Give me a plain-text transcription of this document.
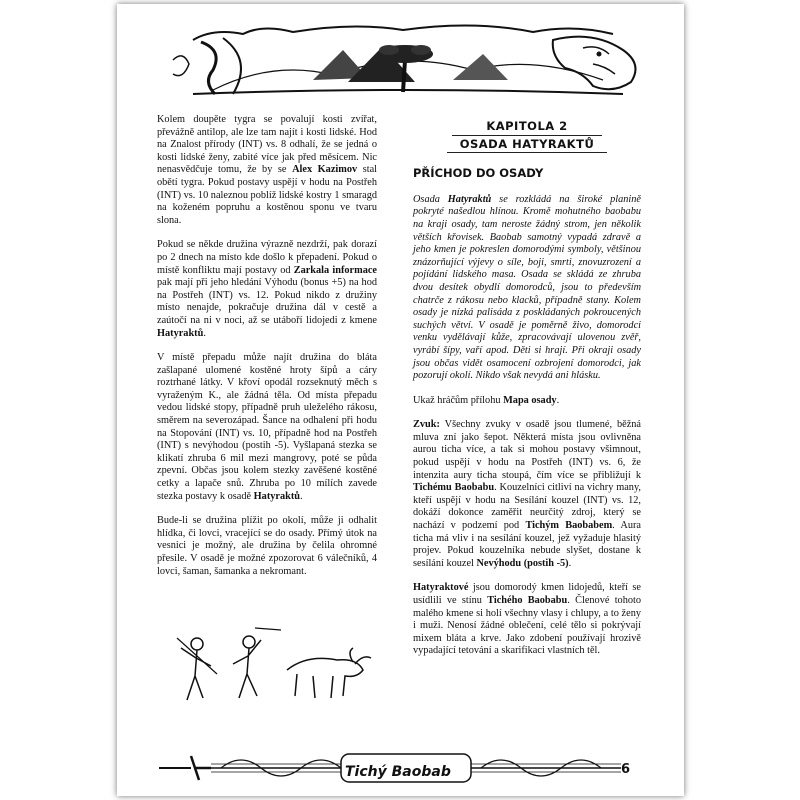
Kolem doupěte tygra se povalují kosti zvířat, převážně antilop, ale lze tam najít i kosti lidské. Hod na Znalost přírody (INT) vs. 8 odhalí, že se jedná o kosti lidské ženy, zabité více jak před měsícem. Nic nenasvědčuje tomu, že by se Alex Kazimov stal obětí tygra. Pokud postavy uspějí v hodu na Postřeh (INT) vs. 10 naleznou poblíž lidské kostry 1 smaragd na koženém popruhu a kostěnou sponu ve tvaru slona.

Pokud se někde družina výrazně nezdrží, pak dorazí po 2 dnech na místo kde došlo k přepadení. Pokud o místě konfliktu mají postavy od Zarkala informace pak mají při jeho hledání Výhodu (bonus +5) na hod na Postřeh (INT) vs. 12. Pokud nikdo z družiny místo nenajde, pokračuje družina dál v cestě a zaútočí na ni v noci, až se utáboří lidojedi z kmene Hatyraktů.

V místě přepadu může najít družina do bláta zašlapané ulomené kostěné hroty šípů a cáry roztrhané látky. V křoví opodál rozseknutý měch s vyraženým K., ale žádná těla. Od místa přepadu vedou lidské stopy, případně pruh uleželého rákosu, směrem na severozápad. Šance na odhalení při hodu na Stopování (INT) vs. 10, případně hod na Postřeh (INT) s nevýhodou (postih -5). Vyšlapaná stezka se klikatí zhruba 6 mil mezi mangrovy, poté se půda zpevní. Občas jsou kolem stezky zavěšené kostěné cetky a lapače snů. Zhruba po 10 mílích zavede stezka postavy k osadě Hatyraktů.

Bude-li se družina plížit po okolí, může ji odhalit hlídka, či lovci, vracející se do osady. Přímý útok na vesnici je možný, ale družina by čelila ohromné přesile. V osadě je možné zpozorovat 6 válečníků, 4 lovci, šaman, šamanka a nekromant.

KAPITOLA 2
OSADA HATYRAKTŮ
PŘÍCHOD DO OSADY

Osada Hatyraktů se rozkládá na široké planině pokryté našedlou hlínou. Kromě mohutného baobabu na kraji osady, tam neroste žádný strom, jen několik větších křovisek. Baobab samotný vypadá zdravě a jeho kmen je pokreslen domorodými symboly, většinou znázorňující výjevy o síle, boji, smrti, znovuzrození a pojídání lidského masa. Osada se skládá ze zhruba dvou desítek obydlí domorodců, jsou to především chatrče z rákosu nebo klacků, případně stany. Kolem osady je nízká palisáda z poskládaných pokroucených suchých větví. V osadě je poměrně živo, domorodci venku vydělávají kůže, zpracovávají ulovenou zvěř, vyrábí šípy, vaří apod. Děti si hrají. Při okraji osady jsou občas vidět osamocení ozbrojení domorodci, jak pozorují okolí. Nikdo však nevydá ani hlásku.

Ukaž hráčům přílohu Mapa osady.

Zvuk: Všechny zvuky v osadě jsou tlumené, běžná mluva zní jako šepot. Některá místa jsou ovlivněna aurou ticha více, a tak si mohou postavy všimnout, pokud uspějí v hodu na Postřeh (INT) vs. 6, že intenzita aury ticha stoupá, čím více se přibližují k Tichému Baobabu. Kouzelníci citliví na vichry many, kteří uspějí v hodu na Sesílání kouzel (INT) vs. 12, dokáží dokonce zaměřit neurčitý zdroj, který se nachází v podzemí pod Tichým Baobabem. Aura ticha má vliv i na sesílání kouzel, jež vyžaduje hlasitý projev. Pokud kouzelníka nebude slyšet, dostane k sesílání kouzel Nevýhodu (postih -5).

Hatyraktové jsou domorodý kmen lidojedů, kteří se usídlili ve stínu Tichého Baobabu. Členové tohoto malého kmene si holí všechny vlasy i chlupy, a to ženy i muži. Nenosí žádné oblečení, celé tělo si pokrývají mixem bláta a krve. Jako zdobení používají hrozivě vypadající tetování a skarifikaci vlastních těl.

Tichý Baobab	6
